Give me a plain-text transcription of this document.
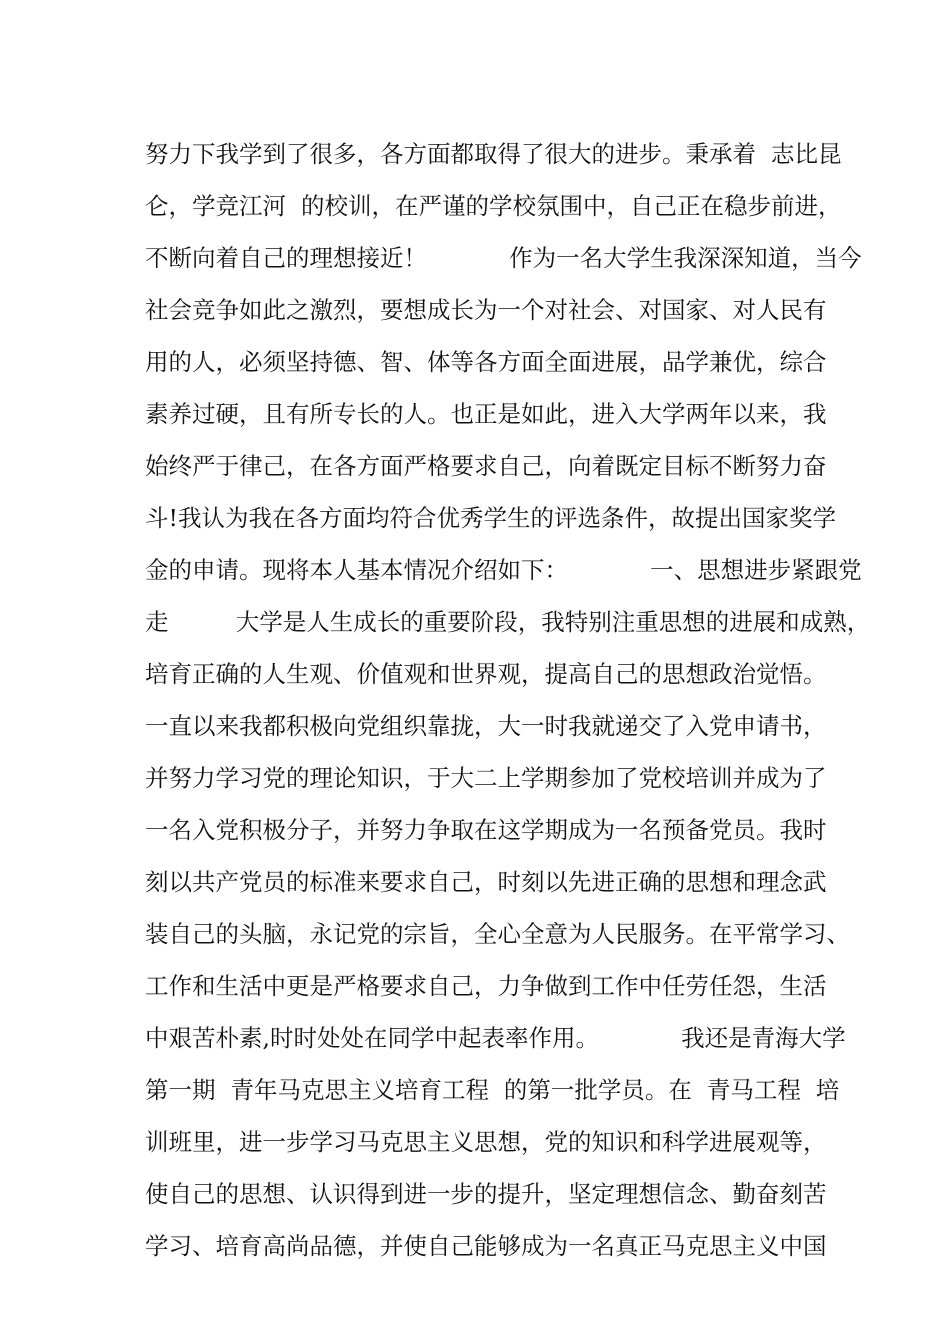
努力下我学到了很多，各方面都取得了很大的进步。秉承着  志比昆
仑，学竞江河  的校训，在严谨的学校氛围中，自己正在稳步前进，
不断向着自己的理想接近！           作为一名大学生我深深知道，当今
社会竞争如此之激烈，要想成长为一个对社会、对国家、对人民有
用的人，必须坚持德、智、体等各方面全面进展，品学兼优，综合
素养过硬，且有所专长的人。也正是如此，进入大学两年以来，我
始终严于律己，在各方面严格要求自己，向着既定目标不断努力奋
斗!我认为我在各方面均符合优秀学生的评选条件，故提出国家奖学
金的申请。现将本人基本情况介绍如下：           一、思想进步紧跟党
走         大学是人生成长的重要阶段，我特别注重思想的进展和成熟，
培育正确的人生观、价值观和世界观，提高自己的思想政治觉悟。
一直以来我都积极向党组织靠拢，大一时我就递交了入党申请书，
并努力学习党的理论知识，于大二上学期参加了党校培训并成为了
一名入党积极分子，并努力争取在这学期成为一名预备党员。我时
刻以共产党员的标准来要求自己，时刻以先进正确的思想和理念武
装自己的头脑，永记党的宗旨，全心全意为人民服务。在平常学习、
工作和生活中更是严格要求自己，力争做到工作中任劳任怨，生活
中艰苦朴素,时时处处在同学中起表率作用。           我还是青海大学
第一期  青年马克思主义培育工程  的第一批学员。在  青马工程  培
训班里，进一步学习马克思主义思想，党的知识和科学进展观等，
使自己的思想、认识得到进一步的提升，坚定理想信念、勤奋刻苦
学习、培育高尚品德，并使自己能够成为一名真正马克思主义中国
